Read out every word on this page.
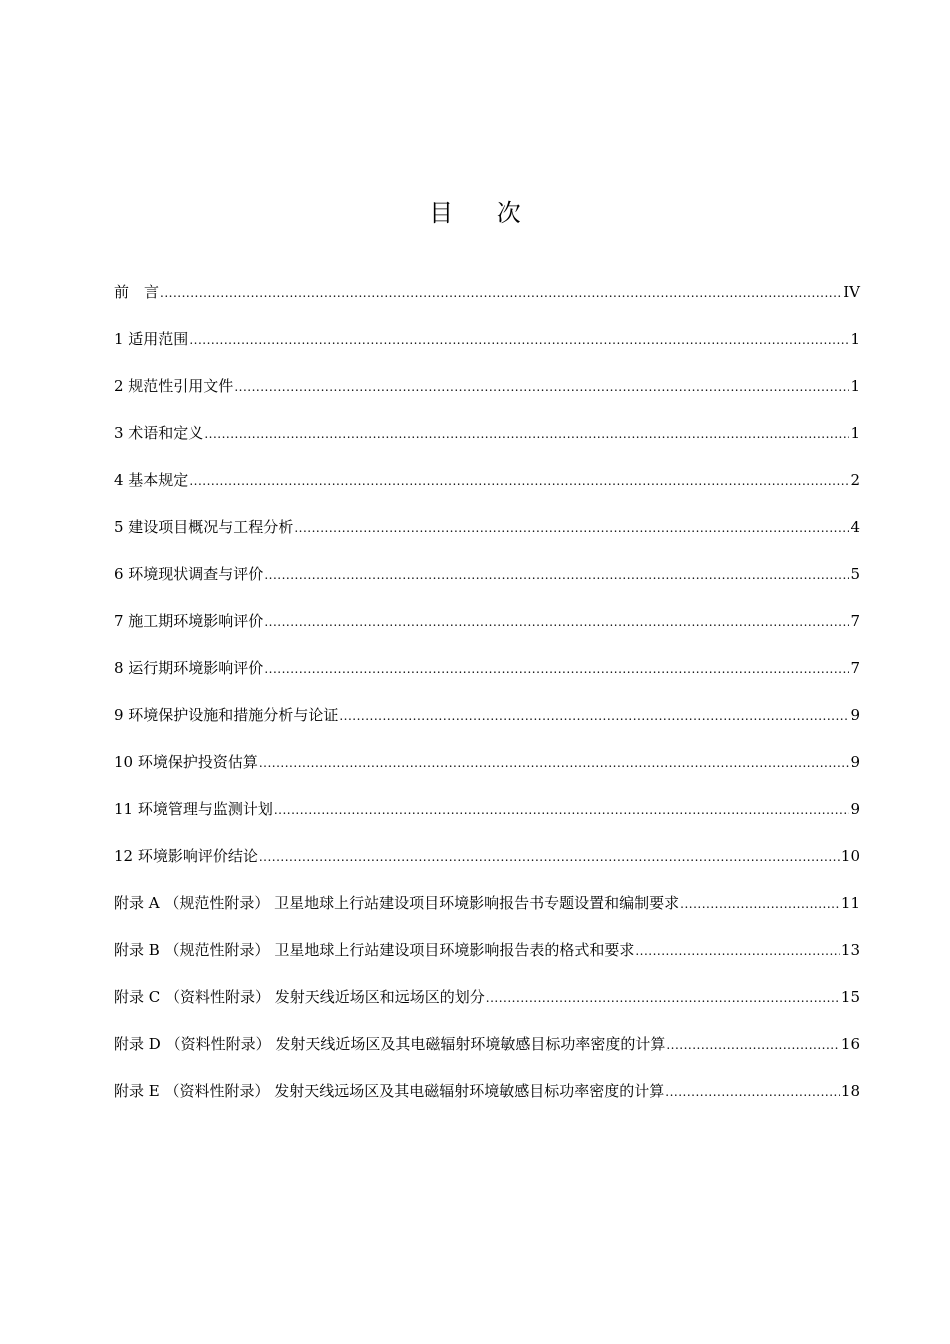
目 次
前　言 .....	IV
1 适用范围 .....	1
2 规范性引用文件 .....	1
3 术语和定义 .....	1
4 基本规定 .....	2
5 建设项目概况与工程分析 .....	4
6 环境现状调查与评价 .....	5
7 施工期环境影响评价 .....	7
8 运行期环境影响评价 .....	7
9 环境保护设施和措施分析与论证 .....	9
10 环境保护投资估算 .....	9
11 环境管理与监测计划 .....	9
12 环境影响评价结论 .....	10
附录 A （规范性附录） 卫星地球上行站建设项目环境影响报告书专题设置和编制要求 .....	11
附录 B （规范性附录） 卫星地球上行站建设项目环境影响报告表的格式和要求 .....	13
附录 C （资料性附录） 发射天线近场区和远场区的划分 .....	15
附录 D （资料性附录） 发射天线近场区及其电磁辐射环境敏感目标功率密度的计算 .....	16
附录 E （资料性附录） 发射天线远场区及其电磁辐射环境敏感目标功率密度的计算 .....	18
